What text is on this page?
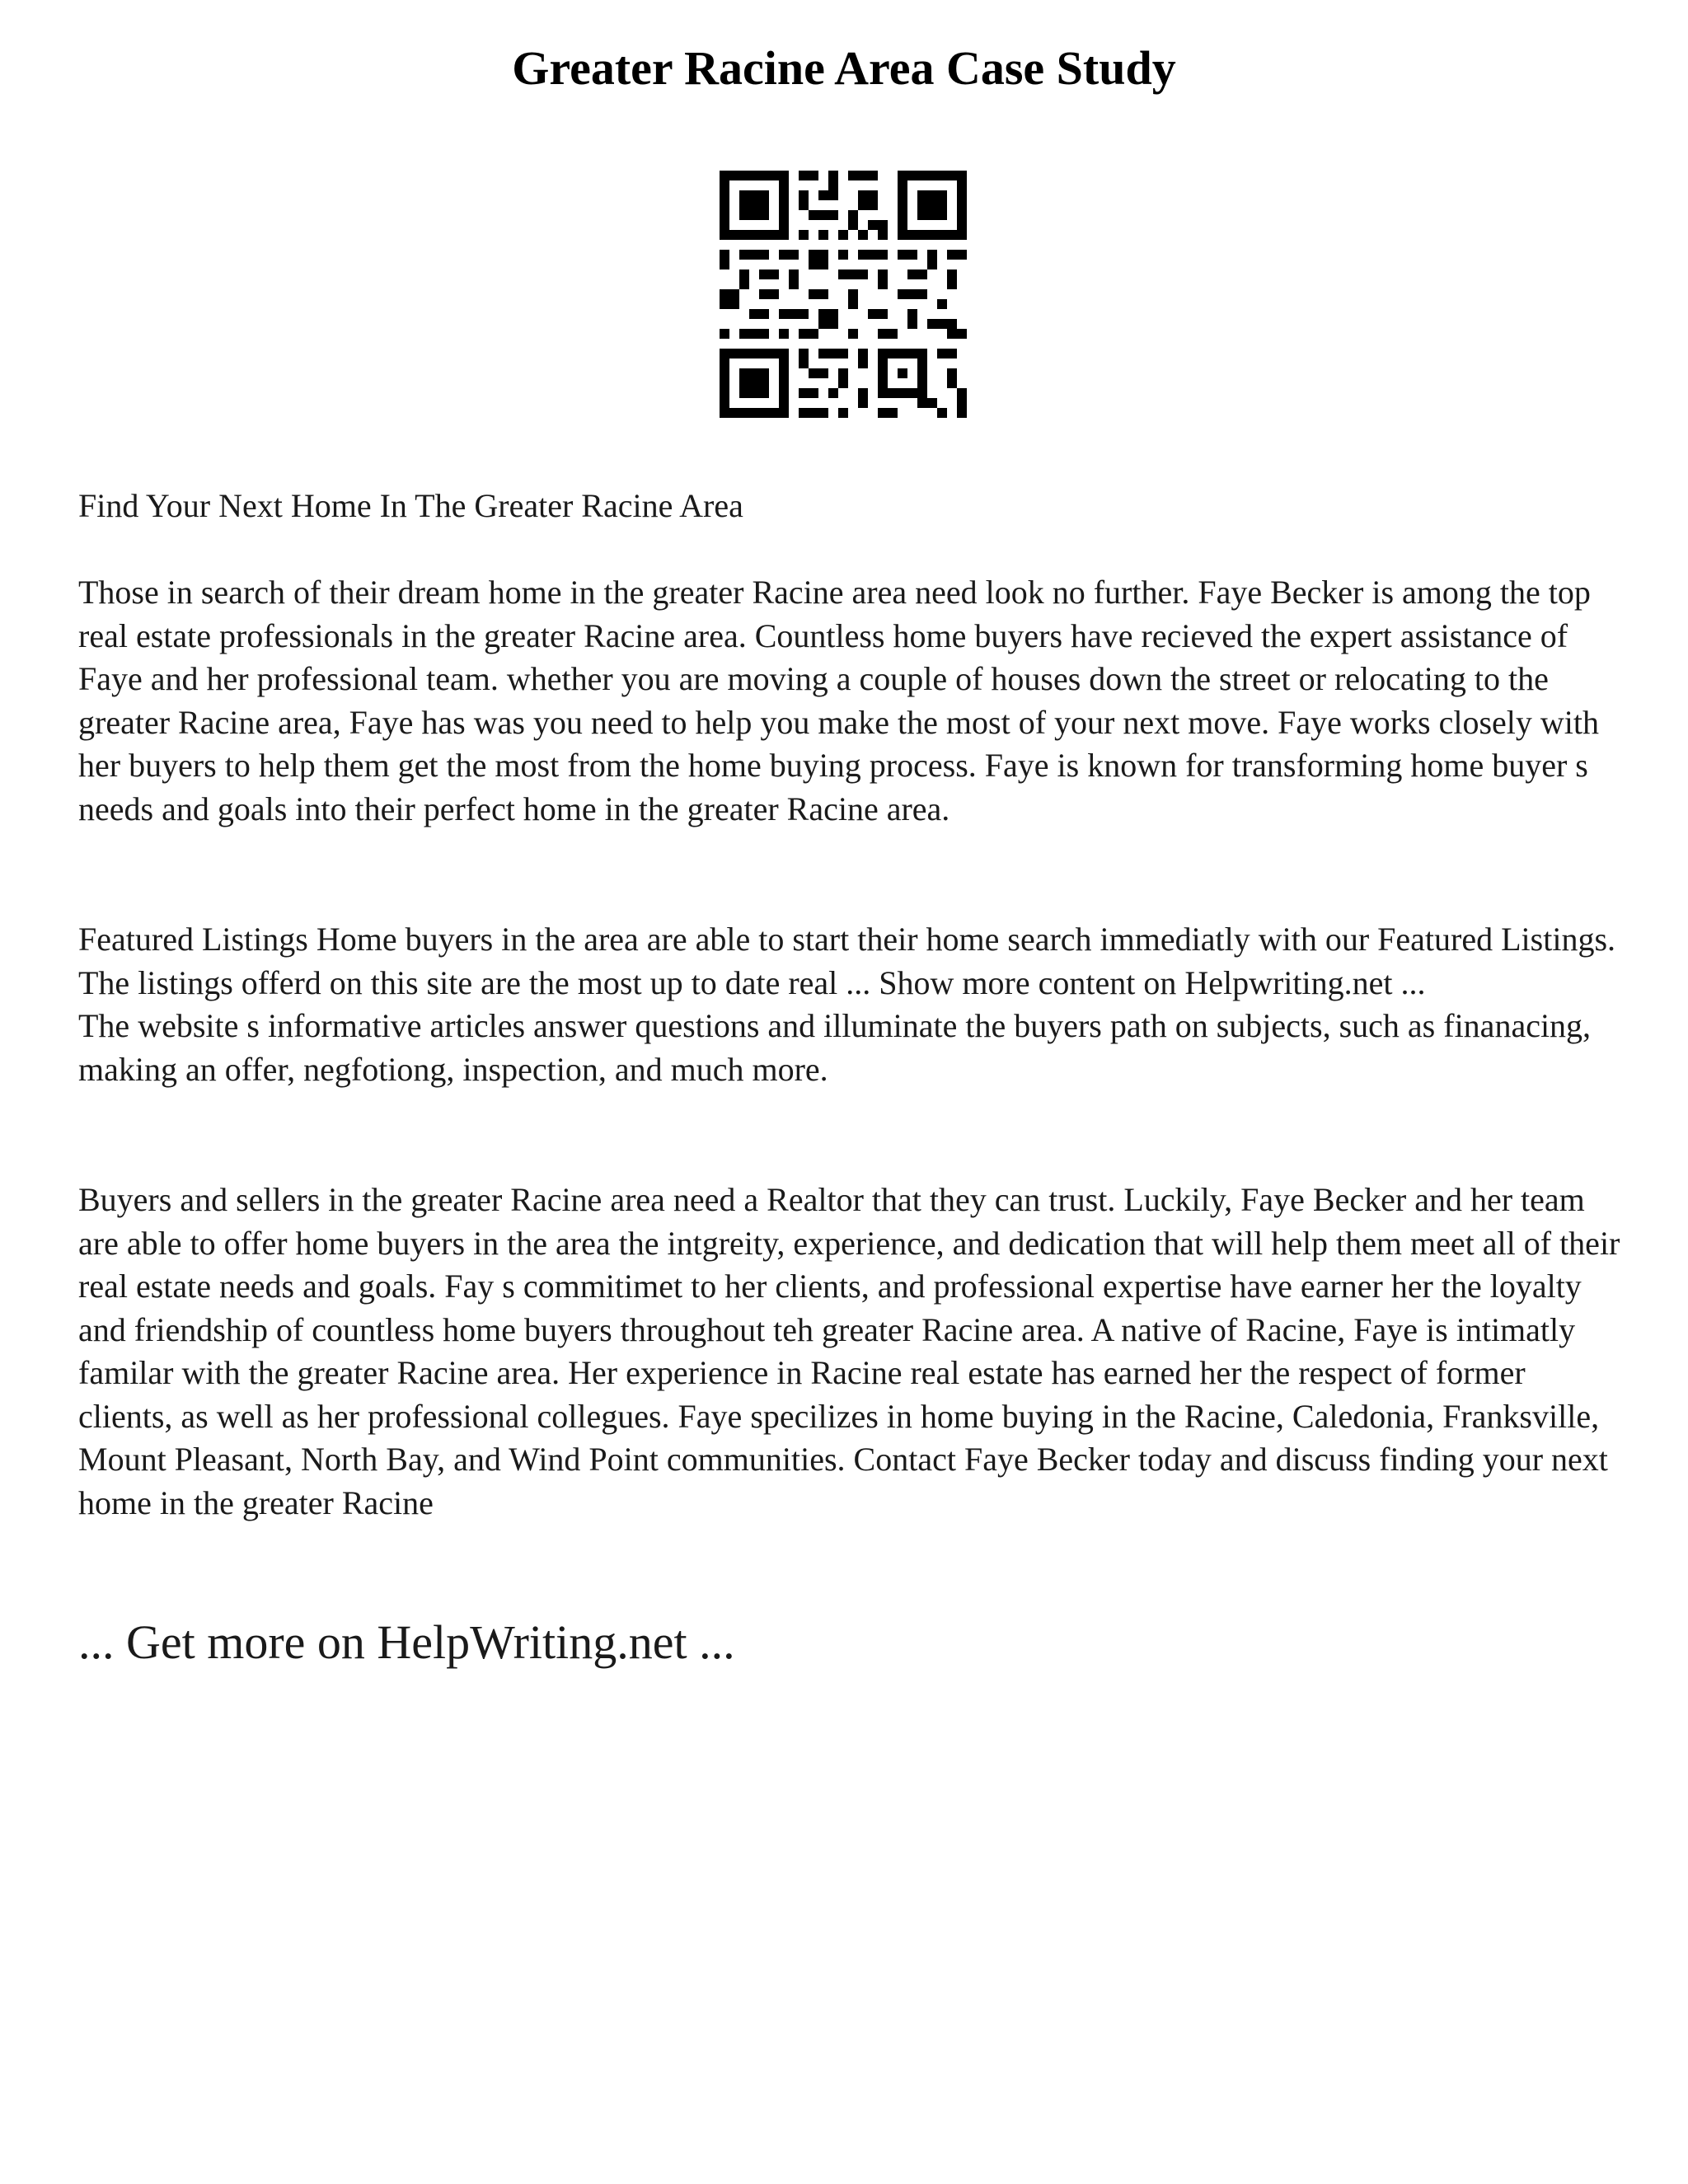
Greater Racine Area Case Study

Find Your Next Home In The Greater Racine Area

Those in search of their dream home in the greater Racine area need look no further. Faye Becker is among the top real estate professionals in the greater Racine area. Countless home buyers have recieved the expert assistance of Faye and her professional team. whether you are moving a couple of houses down the street or relocating to the greater Racine area, Faye has was you need to help you make the most of your next move. Faye works closely with her buyers to help them get the most from the home buying process. Faye is known for transforming home buyer s needs and goals into their perfect home in the greater Racine area.

Featured Listings Home buyers in the area are able to start their home search immediatly with our Featured Listings. The listings offerd on this site are the most up to date real ... Show more content on Helpwriting.net ...
The website s informative articles answer questions and illuminate the buyers path on subjects, such as finanacing, making an offer, negfotiong, inspection, and much more.

Buyers and sellers in the greater Racine area need a Realtor that they can trust. Luckily, Faye Becker and her team are able to offer home buyers in the area the intgreity, experience, and dedication that will help them meet all of their real estate needs and goals. Fay s commitimet to her clients, and professional expertise have earner her the loyalty and friendship of countless home buyers throughout teh greater Racine area. A native of Racine, Faye is intimatly familar with the greater Racine area. Her experience in Racine real estate has earned her the respect of former clients, as well as her professional collegues. Faye specilizes in home buying in the Racine, Caledonia, Franksville, Mount Pleasant, North Bay, and Wind Point communities. Contact Faye Becker today and discuss finding your next home in the greater Racine

... Get more on HelpWriting.net ...
